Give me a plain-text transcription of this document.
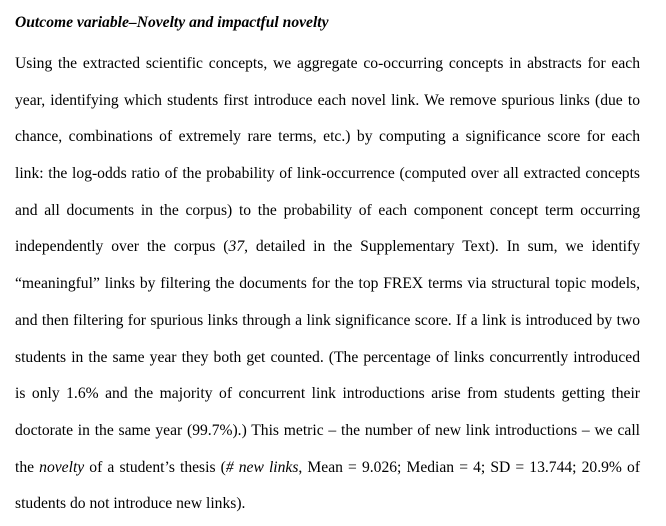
Outcome variable–Novelty and impactful novelty
Using the extracted scientific concepts, we aggregate co-occurring concepts in abstracts for each
year, identifying which students first introduce each novel link. We remove spurious links (due to
chance, combinations of extremely rare terms, etc.) by computing a significance score for each
link: the log-odds ratio of the probability of link-occurrence (computed over all extracted concepts
and all documents in the corpus) to the probability of each component concept term occurring
independently over the corpus (37, detailed in the Supplementary Text). In sum, we identify
“meaningful” links by filtering the documents for the top FREX terms via structural topic models,
and then filtering for spurious links through a link significance score. If a link is introduced by two
students in the same year they both get counted. (The percentage of links concurrently introduced
is only 1.6% and the majority of concurrent link introductions arise from students getting their
doctorate in the same year (99.7%).) This metric – the number of new link introductions – we call
the novelty of a student’s thesis (# new links, Mean = 9.026; Median = 4; SD = 13.744; 20.9% of
students do not introduce new links).
